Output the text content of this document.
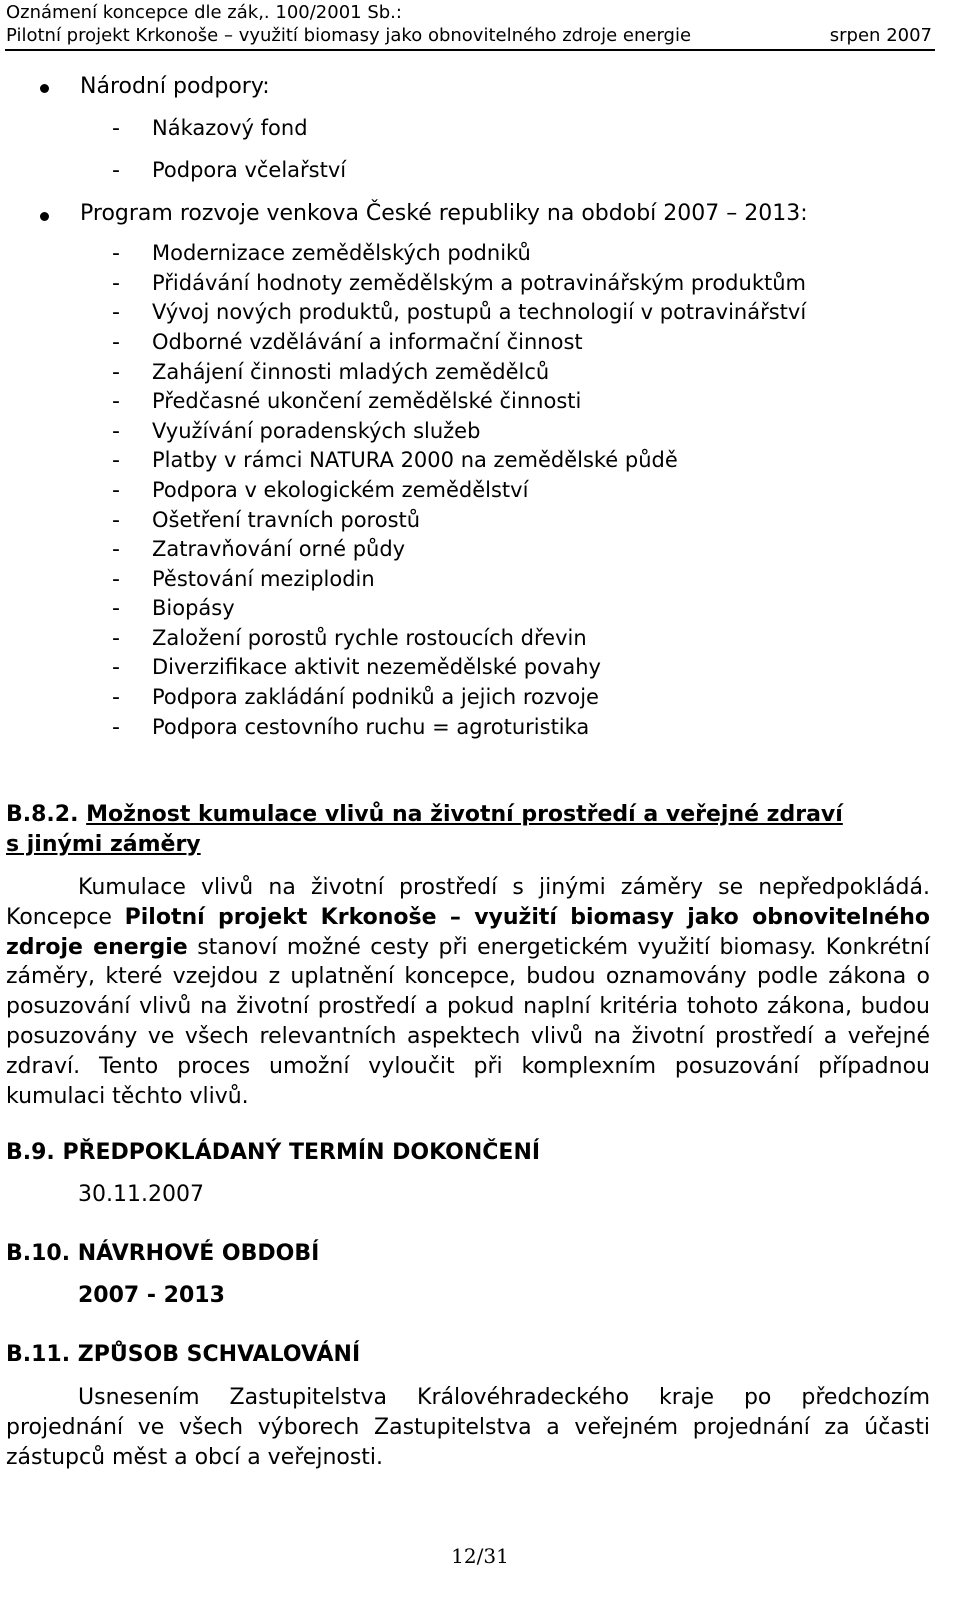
Oznámení koncepce dle zák,. 100/2001 Sb.:
Pilotní projekt Krkonoše – využití biomasy jako obnovitelného zdroje energie	srpen 2007
Národní podpory:
- Nákazový fond
- Podpora včelařství
Program rozvoje venkova České republiky na období 2007 – 2013:
- Modernizace zemědělských podniků
- Přidávání hodnoty zemědělským a potravinářským produktům
- Vývoj nových produktů, postupů a technologií v potravinářství
- Odborné vzdělávání a informační činnost
- Zahájení činnosti mladých zemědělců
- Předčasné ukončení zemědělské činnosti
- Využívání poradenských služeb
- Platby v rámci NATURA 2000 na zemědělské půdě
- Podpora v ekologickém zemědělství
- Ošetření travních porostů
- Zatravňování orné půdy
- Pěstování meziplodin
- Biopásy
- Založení porostů rychle rostoucích dřevin
- Diverzifikace aktivit nezemědělské povahy
- Podpora zakládání podniků a jejich rozvoje
- Podpora cestovního ruchu = agroturistika
B.8.2. Možnost kumulace vlivů na životní prostředí a veřejné zdraví
s jinými záměry

Kumulace vlivů na životní prostředí s jinými záměry se nepředpokládá. Koncepce Pilotní projekt Krkonoše – využití biomasy jako obnovitelného zdroje energie stanoví možné cesty při energetickém využití biomasy. Konkrétní záměry, které vzejdou z uplatnění koncepce, budou oznamovány podle zákona o posuzování vlivů na životní prostředí a pokud naplní kritéria tohoto zákona, budou posuzovány ve všech relevantních aspektech vlivů na životní prostředí a veřejné zdraví. Tento proces umožní vyloučit při komplexním posuzování případnou kumulaci těchto vlivů.

B.9. PŘEDPOKLÁDANÝ TERMÍN DOKONČENÍ
30.11.2007
B.10. NÁVRHOVÉ OBDOBÍ
2007 - 2013
B.11. ZPŮSOB SCHVALOVÁNÍ

Usnesením Zastupitelstva Královéhradeckého kraje po předchozím projednání ve všech výborech Zastupitelstva a veřejném projednání za účasti zástupců měst a obcí a veřejnosti.

12/31
